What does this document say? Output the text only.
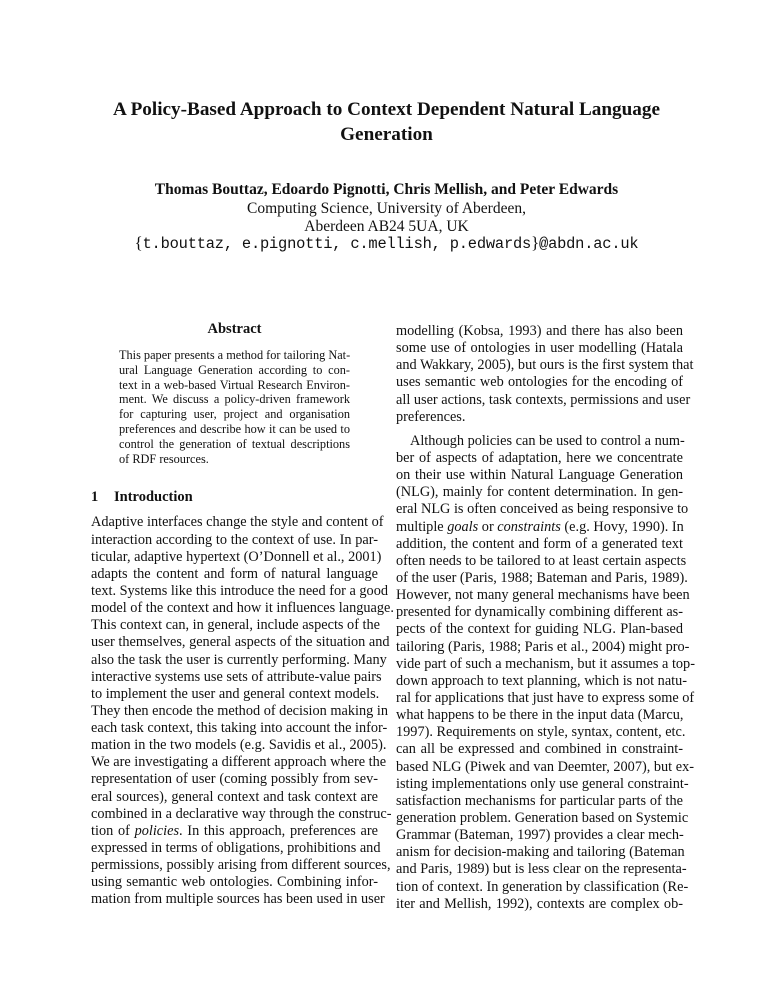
A Policy-Based Approach to Context Dependent Natural Language
Generation
Thomas Bouttaz, Edoardo Pignotti, Chris Mellish, and Peter Edwards
Computing Science, University of Aberdeen,
Aberdeen AB24 5UA, UK
{t.bouttaz, e.pignotti, c.mellish, p.edwards}@abdn.ac.uk
Abstract
This paper presents a method for tailoring Nat-
ural Language Generation according to con-
text in a web-based Virtual Research Environ-
ment. We discuss a policy-driven framework
for capturing user, project and organisation
preferences and describe how it can be used to
control the generation of textual descriptions
of RDF resources.
1 Introduction
Adaptive interfaces change the style and content of
interaction according to the context of use. In par-
ticular, adaptive hypertext (O’Donnell et al., 2001)
adapts the content and form of natural language
text. Systems like this introduce the need for a good
model of the context and how it influences language.
This context can, in general, include aspects of the
user themselves, general aspects of the situation and
also the task the user is currently performing. Many
interactive systems use sets of attribute-value pairs
to implement the user and general context models.
They then encode the method of decision making in
each task context, this taking into account the infor-
mation in the two models (e.g. Savidis et al., 2005).
We are investigating a different approach where the
representation of user (coming possibly from sev-
eral sources), general context and task context are
combined in a declarative way through the construc-
tion of policies. In this approach, preferences are
expressed in terms of obligations, prohibitions and
permissions, possibly arising from different sources,
using semantic web ontologies. Combining infor-
mation from multiple sources has been used in user
modelling (Kobsa, 1993) and there has also been
some use of ontologies in user modelling (Hatala
and Wakkary, 2005), but ours is the first system that
uses semantic web ontologies for the encoding of
all user actions, task contexts, permissions and user
preferences.
Although policies can be used to control a num-
ber of aspects of adaptation, here we concentrate
on their use within Natural Language Generation
(NLG), mainly for content determination. In gen-
eral NLG is often conceived as being responsive to
multiple goals or constraints (e.g. Hovy, 1990). In
addition, the content and form of a generated text
often needs to be tailored to at least certain aspects
of the user (Paris, 1988; Bateman and Paris, 1989).
However, not many general mechanisms have been
presented for dynamically combining different as-
pects of the context for guiding NLG. Plan-based
tailoring (Paris, 1988; Paris et al., 2004) might pro-
vide part of such a mechanism, but it assumes a top-
down approach to text planning, which is not natu-
ral for applications that just have to express some of
what happens to be there in the input data (Marcu,
1997). Requirements on style, syntax, content, etc.
can all be expressed and combined in constraint-
based NLG (Piwek and van Deemter, 2007), but ex-
isting implementations only use general constraint-
satisfaction mechanisms for particular parts of the
generation problem. Generation based on Systemic
Grammar (Bateman, 1997) provides a clear mech-
anism for decision-making and tailoring (Bateman
and Paris, 1989) but is less clear on the representa-
tion of context. In generation by classification (Re-
iter and Mellish, 1992), contexts are complex ob-
